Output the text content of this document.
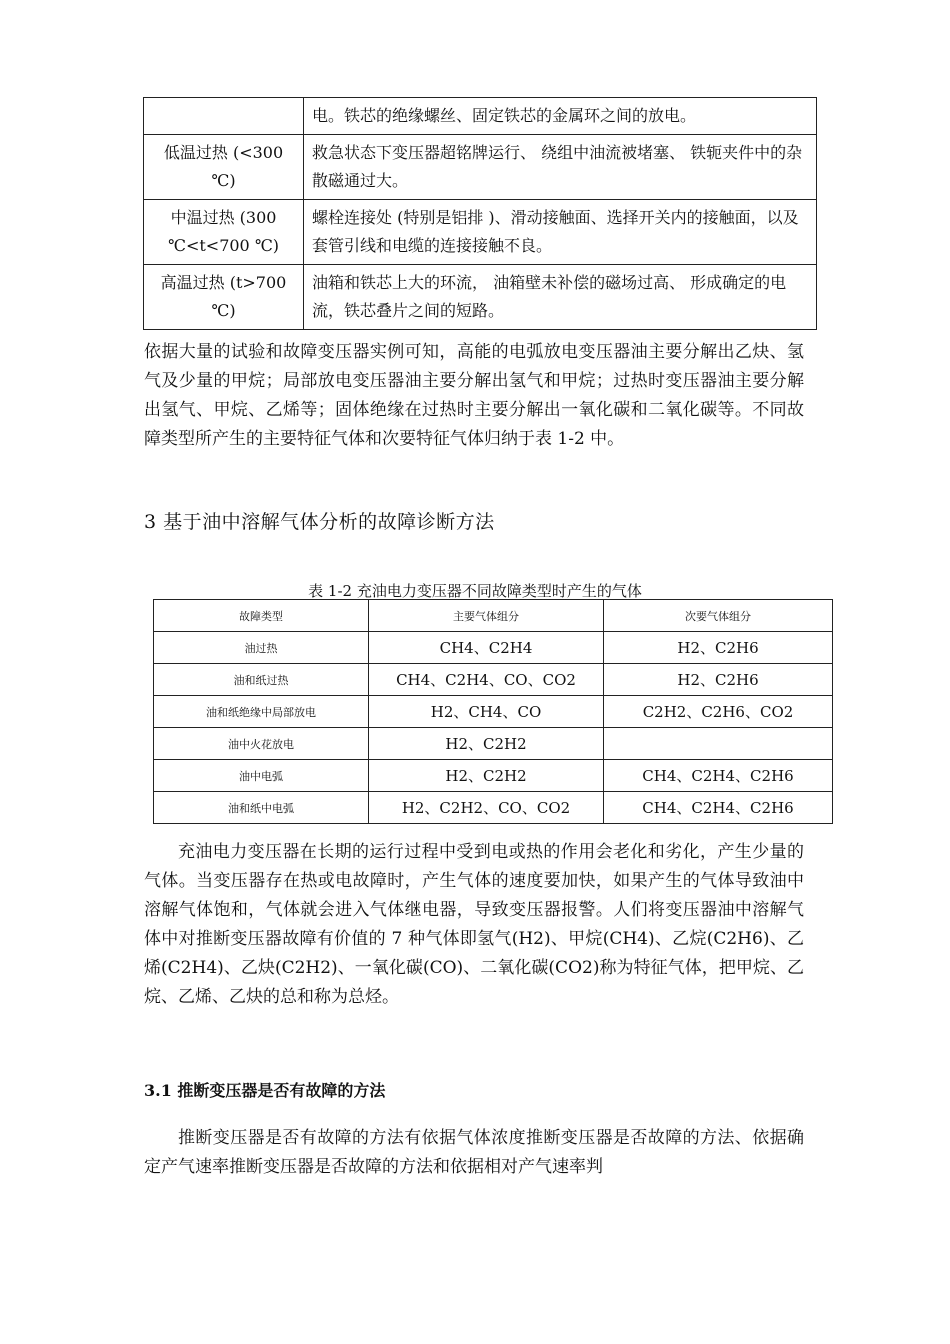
	电。铁芯的绝缘螺丝、固定铁芯的金属环之间的放电。
低温过热 (<300 ℃)	救急状态下变压器超铭牌运行、 绕组中油流被堵塞、 铁轭夹件中的杂散磁通过大。
中温过热 (300 ℃<t<700 ℃)	螺栓连接处 (特别是铝排 )、滑动接触面、选择开关内的接触面，以及套管引线和电缆的连接接触不良。
高温过热 (t>700 ℃)	油箱和铁芯上大的环流， 油箱壁未补偿的磁场过高、 形成确定的电流，铁芯叠片之间的短路。

依据大量的试验和故障变压器实例可知，高能的电弧放电变压器油主要分解出乙炔、氢气及少量的甲烷；局部放电变压器油主要分解出氢气和甲烷；过热时变压器油主要分解出氢气、甲烷、乙烯等；固体绝缘在过热时主要分解出一氧化碳和二氧化碳等。不同故障类型所产生的主要特征气体和次要特征气体归纳于表 1-2 中。

3 基于油中溶解气体分析的故障诊断方法
表 1-2 充油电力变压器不同故障类型时产生的气体
故障类型	主要气体组分	次要气体组分
油过热	CH4、C2H4	H2、C2H6
油和纸过热	CH4、C2H4、CO、CO2	H2、C2H6
油和纸绝缘中局部放电	H2、CH4、CO	C2H2、C2H6、CO2
油中火花放电	H2、C2H2	
油中电弧	H2、C2H2	CH4、C2H4、C2H6
油和纸中电弧	H2、C2H2、CO、CO2	CH4、C2H4、C2H6

充油电力变压器在长期的运行过程中受到电或热的作用会老化和劣化，产生少量的气体。当变压器存在热或电故障时，产生气体的速度要加快，如果产生的气体导致油中溶解气体饱和，气体就会进入气体继电器，导致变压器报警。人们将变压器油中溶解气体中对推断变压器故障有价值的 7 种气体即氢气(H2)、甲烷(CH4)、乙烷(C2H6)、乙烯(C2H4)、乙炔(C2H2)、一氧化碳(CO)、二氧化碳(CO2)称为特征气体，把甲烷、乙烷、乙烯、乙炔的总和称为总烃。

3.1 推断变压器是否有故障的方法

推断变压器是否有故障的方法有依据气体浓度推断变压器是否故障的方法、依据确定产气速率推断变压器是否故障的方法和依据相对产气速率判
